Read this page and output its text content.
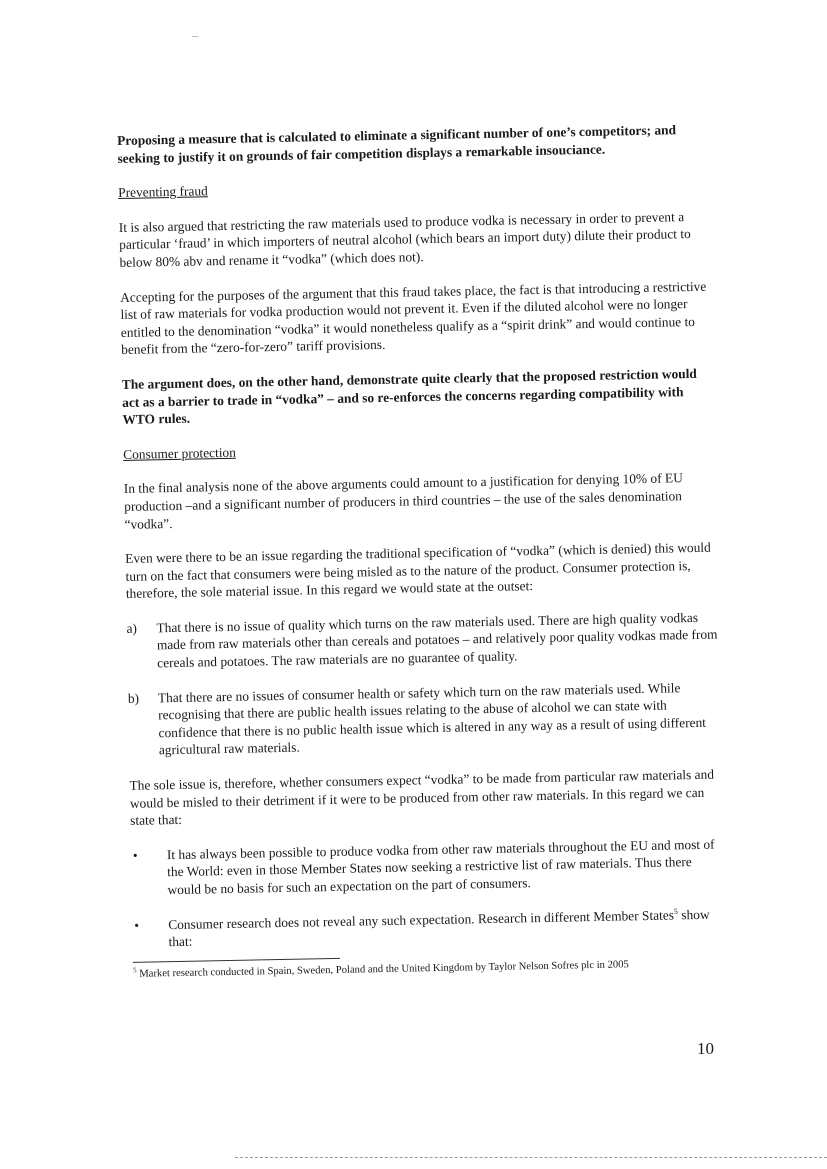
Proposing a measure that is calculated to eliminate a significant number of one’s competitors; and seeking to justify it on grounds of fair competition displays a remarkable insouciance.

Preventing fraud

It is also argued that restricting the raw materials used to produce vodka is necessary in order to prevent a particular ‘fraud’ in which importers of neutral alcohol (which bears an import duty) dilute their product to below 80% abv and rename it “vodka” (which does not).

Accepting for the purposes of the argument that this fraud takes place, the fact is that introducing a restrictive list of raw materials for vodka production would not prevent it. Even if the diluted alcohol were no longer entitled to the denomination “vodka” it would nonetheless qualify as a “spirit drink” and would continue to benefit from the “zero-for-zero” tariff provisions.

The argument does, on the other hand, demonstrate quite clearly that the proposed restriction would act as a barrier to trade in “vodka” – and so re-enforces the concerns regarding compatibility with WTO rules.

Consumer protection

In the final analysis none of the above arguments could amount to a justification for denying 10% of EU production –and a significant number of producers in third countries – the use of the sales denomination “vodka”.

Even were there to be an issue regarding the traditional specification of “vodka” (which is denied) this would turn on the fact that consumers were being misled as to the nature of the product. Consumer protection is, therefore, the sole material issue. In this regard we would state at the outset:

a)	That there is no issue of quality which turns on the raw materials used. There are high quality vodkas made from raw materials other than cereals and potatoes – and relatively poor quality vodkas made from cereals and potatoes. The raw materials are no guarantee of quality.
b)	That there are no issues of consumer health or safety which turn on the raw materials used. While recognising that there are public health issues relating to the abuse of alcohol we can state with confidence that there is no public health issue which is altered in any way as a result of using different agricultural raw materials.

The sole issue is, therefore, whether consumers expect “vodka” to be made from particular raw materials and would be misled to their detriment if it were to be produced from other raw materials. In this regard we can state that:

•	It has always been possible to produce vodka from other raw materials throughout the EU and most of the World: even in those Member States now seeking a restrictive list of raw materials. Thus there would be no basis for such an expectation on the part of consumers.
•	Consumer research does not reveal any such expectation. Research in different Member States$^5$ show that:

$^5$ Market research conducted in Spain, Sweden, Poland and the United Kingdom by Taylor Nelson Sofres plc in 2005

10
